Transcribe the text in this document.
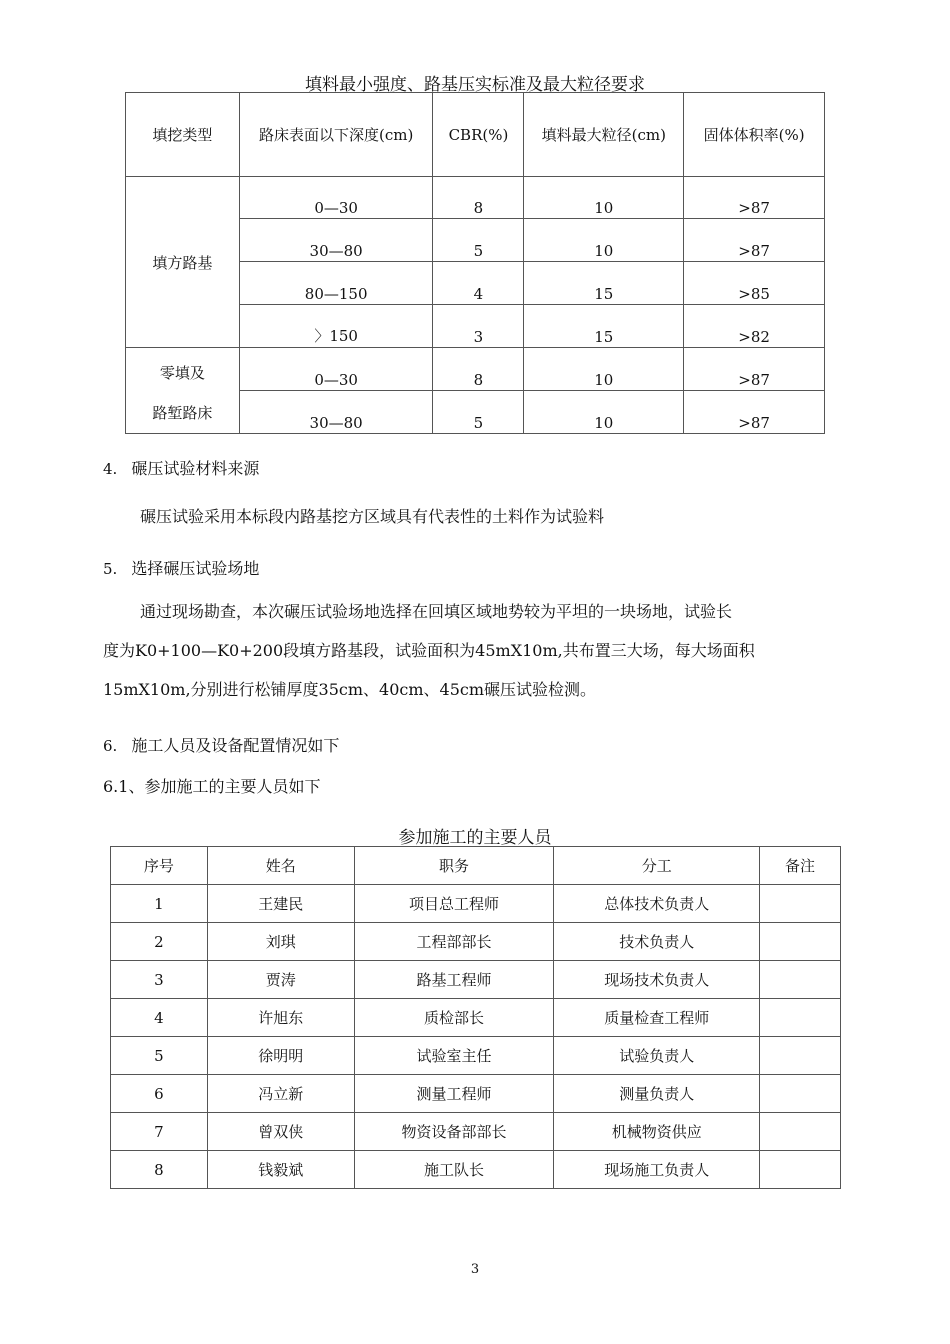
填料最小强度、路基压实标准及最大粒径要求
填挖类型	路床表面以下深度(cm)	CBR(%)	填料最大粒径(cm)	固体体积率(%)
填方路基	0—30	8	10	>87
	30—80	5	10	>87
	80—150	4	15	>85
	〉150	3	15	>82

零填及
路堑路床	0—30	8	10	>87
	30—80	5	10	>87
4. 碾压试验材料来源
碾压试验采用本标段内路基挖方区域具有代表性的土料作为试验料
5. 选择碾压试验场地
通过现场勘查，本次碾压试验场地选择在回填区域地势较为平坦的一块场地，试验长
度为K0+100—K0+200段填方路基段，试验面积为45mX10m,共布置三大场，每大场面积
15mX10m,分别进行松铺厚度35cm、40cm、45cm碾压试验检测。
6. 施工人员及设备配置情况如下
6.1、参加施工的主要人员如下
参加施工的主要人员
序号	姓名	职务	分工	备注
1	王建民	项目总工程师	总体技术负责人	
2	刘琪	工程部部长	技术负责人	
3	贾涛	路基工程师	现场技术负责人	
4	许旭东	质检部长	质量检查工程师	
5	徐明明	试验室主任	试验负责人	
6	冯立新	测量工程师	测量负责人	
7	曾双侠	物资设备部部长	机械物资供应	
8	钱毅斌	施工队长	现场施工负责人	
3
